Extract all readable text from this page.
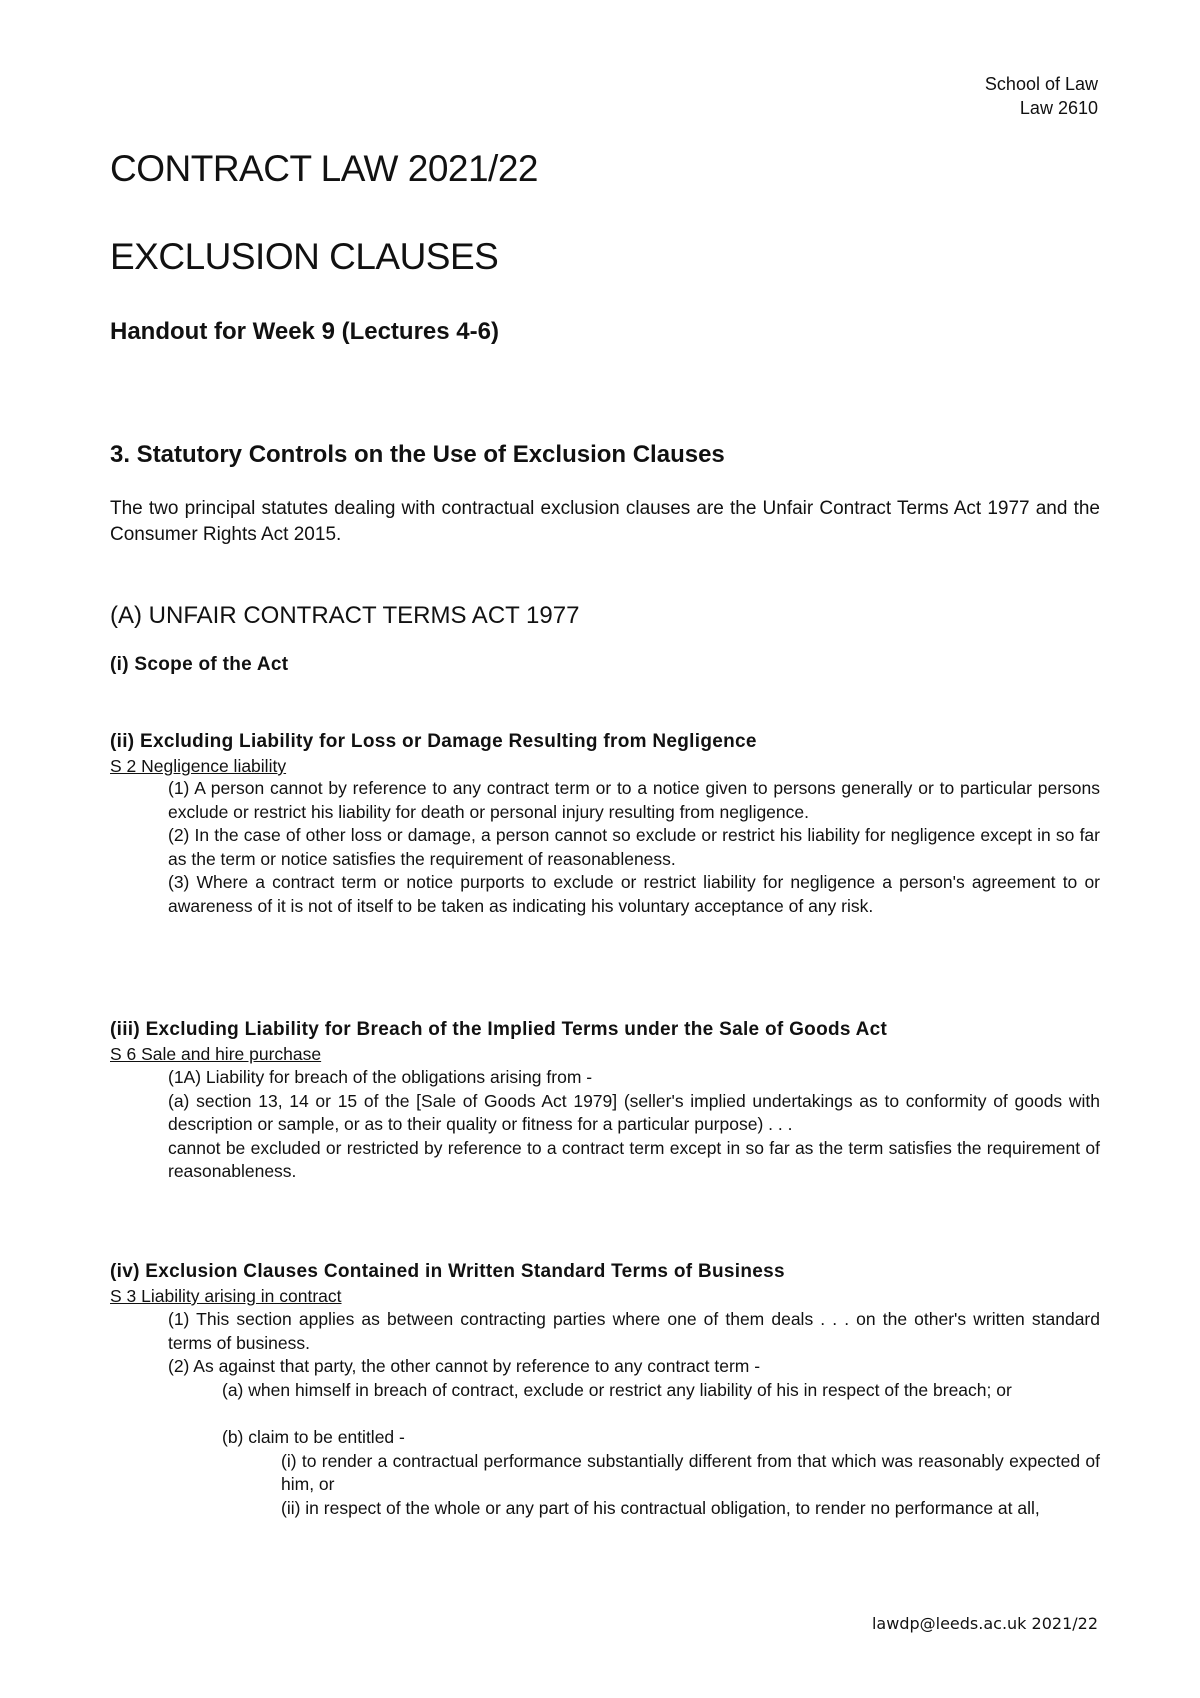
School of Law
Law 2610
CONTRACT LAW 2021/22
EXCLUSION CLAUSES
Handout for Week 9 (Lectures 4-6)
3. Statutory Controls on the Use of Exclusion Clauses

The two principal statutes dealing with contractual exclusion clauses are the Unfair Contract Terms Act 1977 and the Consumer Rights Act 2015.

(A) UNFAIR CONTRACT TERMS ACT 1977
(i) Scope of the Act
(ii) Excluding Liability for Loss or Damage Resulting from Negligence
S 2 Negligence liability

(1) A person cannot by reference to any contract term or to a notice given to persons generally or to particular persons exclude or restrict his liability for death or personal injury resulting from negligence.

(2) In the case of other loss or damage, a person cannot so exclude or restrict his liability for negligence except in so far as the term or notice satisfies the requirement of reasonableness.

(3) Where a contract term or notice purports to exclude or restrict liability for negligence a person's agreement to or awareness of it is not of itself to be taken as indicating his voluntary acceptance of any risk.

(iii) Excluding Liability for Breach of the Implied Terms under the Sale of Goods Act
S 6 Sale and hire purchase

(1A) Liability for breach of the obligations arising from -

(a) section 13, 14 or 15 of the [Sale of Goods Act 1979] (seller's implied undertakings as to conformity of goods with description or sample, or as to their quality or fitness for a particular purpose) . . .

cannot be excluded or restricted by reference to a contract term except in so far as the term satisfies the requirement of reasonableness.

(iv) Exclusion Clauses Contained in Written Standard Terms of Business
S 3 Liability arising in contract

(1) This section applies as between contracting parties where one of them deals . . . on the other's written standard terms of business.

(2) As against that party, the other cannot by reference to any contract term -

(a) when himself in breach of contract, exclude or restrict any liability of his in respect of the breach; or

(b) claim to be entitled -

(i) to render a contractual performance substantially different from that which was reasonably expected of him, or

(ii) in respect of the whole or any part of his contractual obligation, to render no performance at all,

lawdp@leeds.ac.uk 2021/22
